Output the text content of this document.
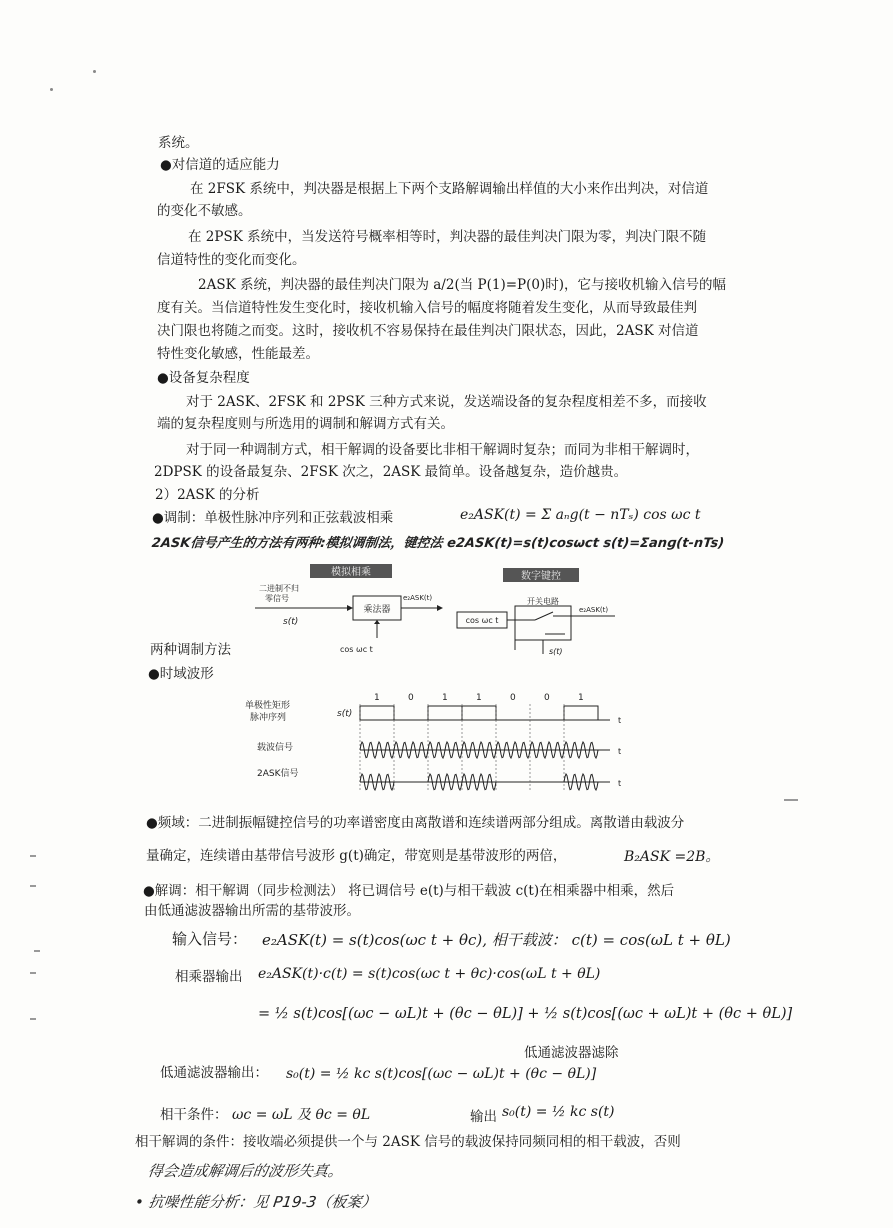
系统。
●对信道的适应能力
在 2FSK 系统中，判决器是根据上下两个支路解调输出样值的大小来作出判决，对信道
的变化不敏感。
在 2PSK 系统中，当发送符号概率相等时，判决器的最佳判决门限为零，判决门限不随
信道特性的变化而变化。
2ASK 系统，判决器的最佳判决门限为 a/2(当 P(1)=P(0)时)，它与接收机输入信号的幅
度有关。当信道特性发生变化时，接收机输入信号的幅度将随着发生变化，从而导致最佳判
决门限也将随之而变。这时，接收机不容易保持在最佳判决门限状态，因此，2ASK 对信道
特性变化敏感，性能最差。
●设备复杂程度
对于 2ASK、2FSK 和 2PSK 三种方式来说，发送端设备的复杂程度相差不多，而接收
端的复杂程度则与所选用的调制和解调方式有关。
对于同一种调制方式，相干解调的设备要比非相干解调时复杂；而同为非相干解调时，
2DPSK 的设备最复杂、2FSK 次之，2ASK 最简单。设备越复杂，造价越贵。
2）2ASK 的分析
●调制：单极性脉冲序列和正弦载波相乘	e₂ASK(t) = Σ aₙg(t − nTₛ) cos ωc t
2ASK信号产生的方法有两种:模拟调制法，键控法 e2ASK(t)=s(t)cosωct s(t)=Σanɡ(t-nTs)
模拟相乘	数字键控
二进制不归
零信号
s(t)
乘法器
e₂ASK(t)
cos ωc t
cos ωc t
开关电路
e₂ASK(t)
s(t)
两种调制方法
●时域波形
单极性矩形
脉冲序列
载波信号
2ASK信号
s(t)
t
t
t
1	0	1	1	0	0	1
●频域：二进制振幅键控信号的功率谱密度由离散谱和连续谱两部分组成。离散谱由载波分
量确定，连续谱由基带信号波形 g(t)确定，带宽则是基带波形的两倍，	B₂ASK =2B。
●解调：相干解调（同步检测法） 将已调信号 e(t)与相干载波 c(t)在相乘器中相乘，然后
由低通滤波器输出所需的基带波形。
输入信号： e₂ASK(t) = s(t)cos(ωc t + θc), 相干载波： c(t) = cos(ωL t + θL)
相乘器输出 e₂ASK(t)·c(t) = s(t)cos(ωc t + θc)·cos(ωL t + θL)
= ½ s(t)cos[(ωc − ωL)t + (θc − θL)] + ½ s(t)cos[(ωc + ωL)t + (θc + θL)]
低通滤波器滤除
低通滤波器输出： s₀(t) = ½ kc s(t)cos[(ωc − ωL)t + (θc − θL)]
相干条件： ωc = ωL 及 θc = θL	输出 s₀(t) = ½ kc s(t)
相干解调的条件：接收端必须提供一个与 2ASK 信号的载波保持同频同相的相干载波，否则
得会造成解调后的波形失真。
• 抗噪性能分析：见 P19-3（板案）
